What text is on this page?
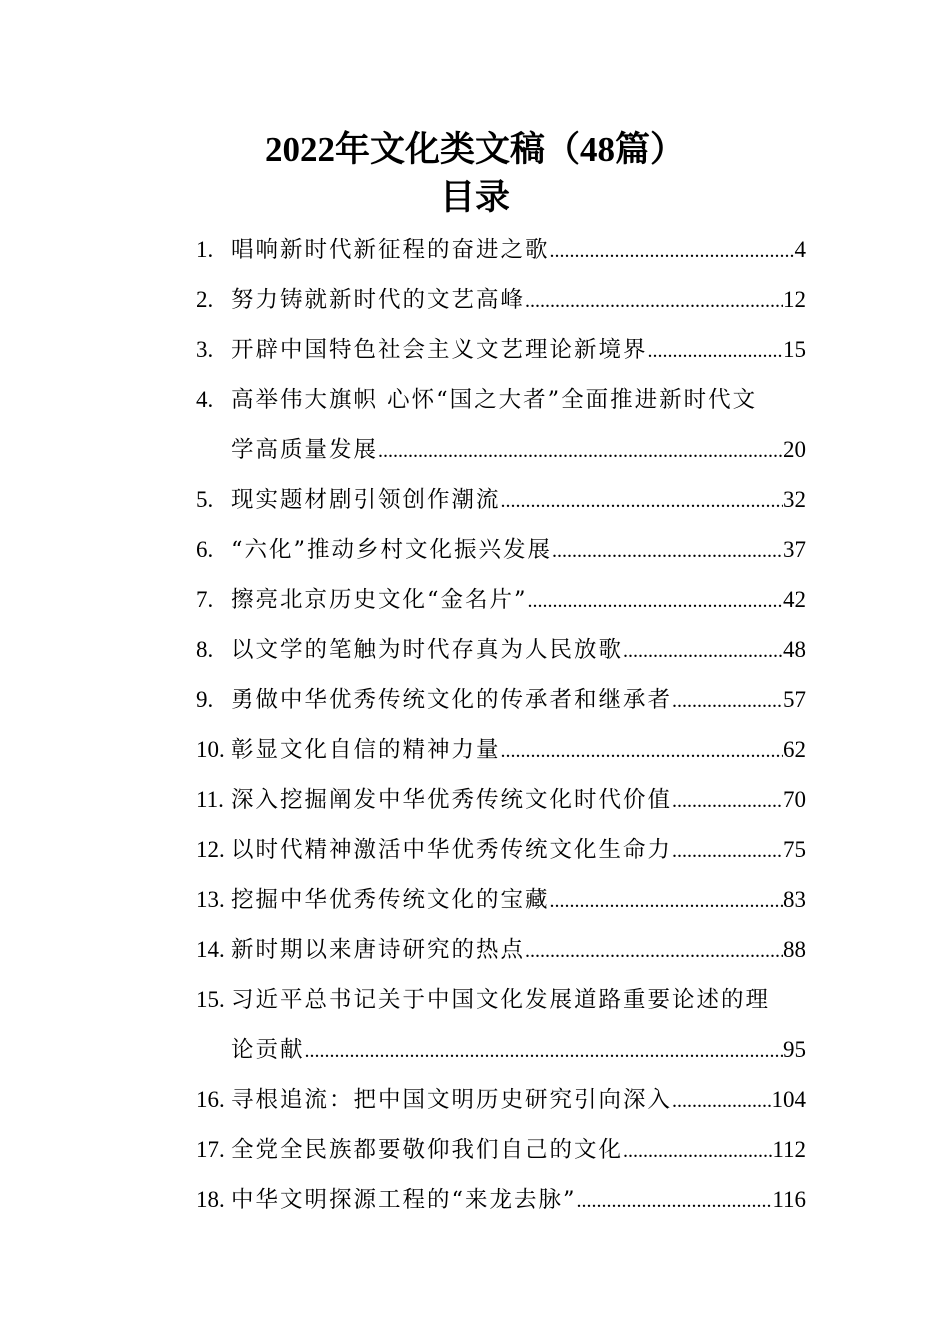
2022年文化类文稿（48篇）
目录
1. 唱响新时代新征程的奋进之歌 .....	4
2. 努力铸就新时代的文艺高峰 .....	12
3. 开辟中国特色社会主义文艺理论新境界 .....	15
4. 高举伟大旗帜 心怀“国之大者”全面推进新时代文
学高质量发展 .....	20
5. 现实题材剧引领创作潮流 .....	32
6. “六化”推动乡村文化振兴发展 .....	37
7. 擦亮北京历史文化“金名片” .....	42
8. 以文学的笔触为时代存真为人民放歌 .....	48
9. 勇做中华优秀传统文化的传承者和继承者 .....	57
10. 彰显文化自信的精神力量 .....	62
11. 深入挖掘阐发中华优秀传统文化时代价值 .....	70
12. 以时代精神激活中华优秀传统文化生命力 .....	75
13. 挖掘中华优秀传统文化的宝藏 .....	83
14. 新时期以来唐诗研究的热点 .....	88
15. 习近平总书记关于中国文化发展道路重要论述的理
论贡献 .....	95
16. 寻根追流：把中国文明历史研究引向深入 .....	104
17. 全党全民族都要敬仰我们自己的文化 .....	112
18. 中华文明探源工程的“来龙去脉” .....	116
